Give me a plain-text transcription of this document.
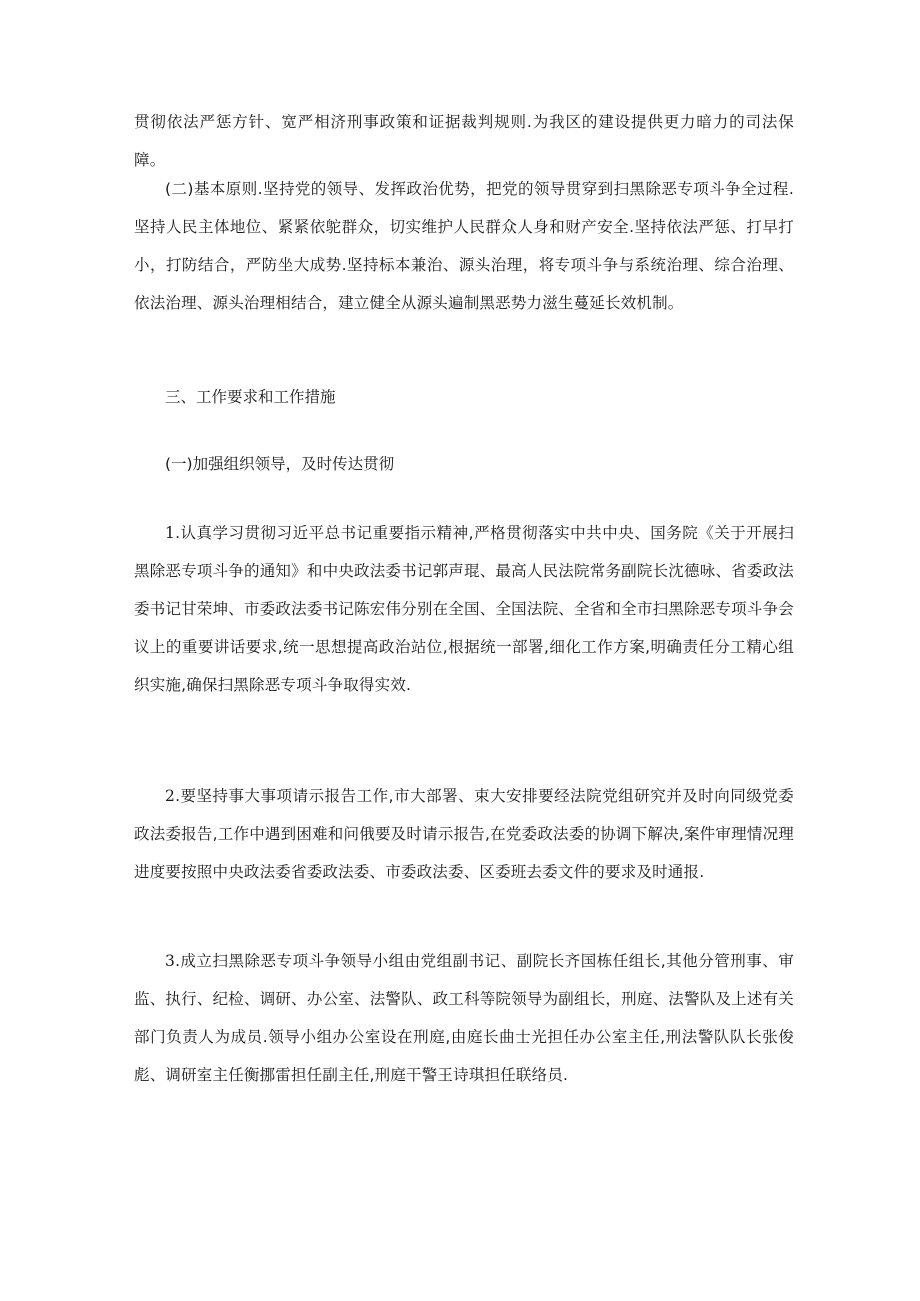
贯彻依法严惩方针、宽严相济刑事政策和证据裁判规则.为我区的建设提供更力暗力的司法保障。

(二)基本原则.坚持党的领导、发挥政治优势，把党的领导贯穿到扫黑除恶专项斗争全过程.坚持人民主体地位、紧紧依鸵群众，切实维护人民群众人身和财产安全.坚持依法严惩、打早打小，打防结合，严防坐大成势.坚持标本兼治、源头治理，将专项斗争与系统治理、综合治理、依法治理、源头治理相结合，建立健全从源头遍制黑恶势力滋生蔓延长效机制。

三、工作要求和工作措施

(一)加强组织领导，及时传达贯彻

1.认真学习贯彻习近平总书记重要指示精神,严格贯彻落实中共中央、国务院《关于开展扫黑除恶专项斗争的通知》和中央政法委书记郭声琨、最高人民法院常务副院长沈德咏、省委政法委书记甘荣坤、市委政法委书记陈宏伟分别在全国、全国法院、全省和全市扫黑除恶专项斗争会议上的重要讲话要求,统一思想提高政治站位,根据统一部署,细化工作方案,明确责任分工精心组织实施,确保扫黑除恶专项斗争取得实效.

2.要坚持事大事项请示报告工作,市大部署、束大安排要经法院党组研究并及时向同级党委政法委报告,工作中遇到困难和问俄要及时请示报告,在党委政法委的协调下解决,案件审理情况理进度要按照中央政法委省委政法委、市委政法委、区委班去委文件的要求及时通报.

3.成立扫黑除恶专项斗争领导小组由党组副书记、副院长齐国栋任组长,其他分管刑事、审监、执行、纪检、调研、办公室、法警队、政工科等院领导为副组长，刑庭、法警队及上述有关部门负责人为成员.领导小组办公室设在刑庭,由庭长曲士光担任办公室主任,刑法警队队长张俊彪、调研室主任衡挪雷担任副主任,刑庭干警王诗琪担任联络员.
